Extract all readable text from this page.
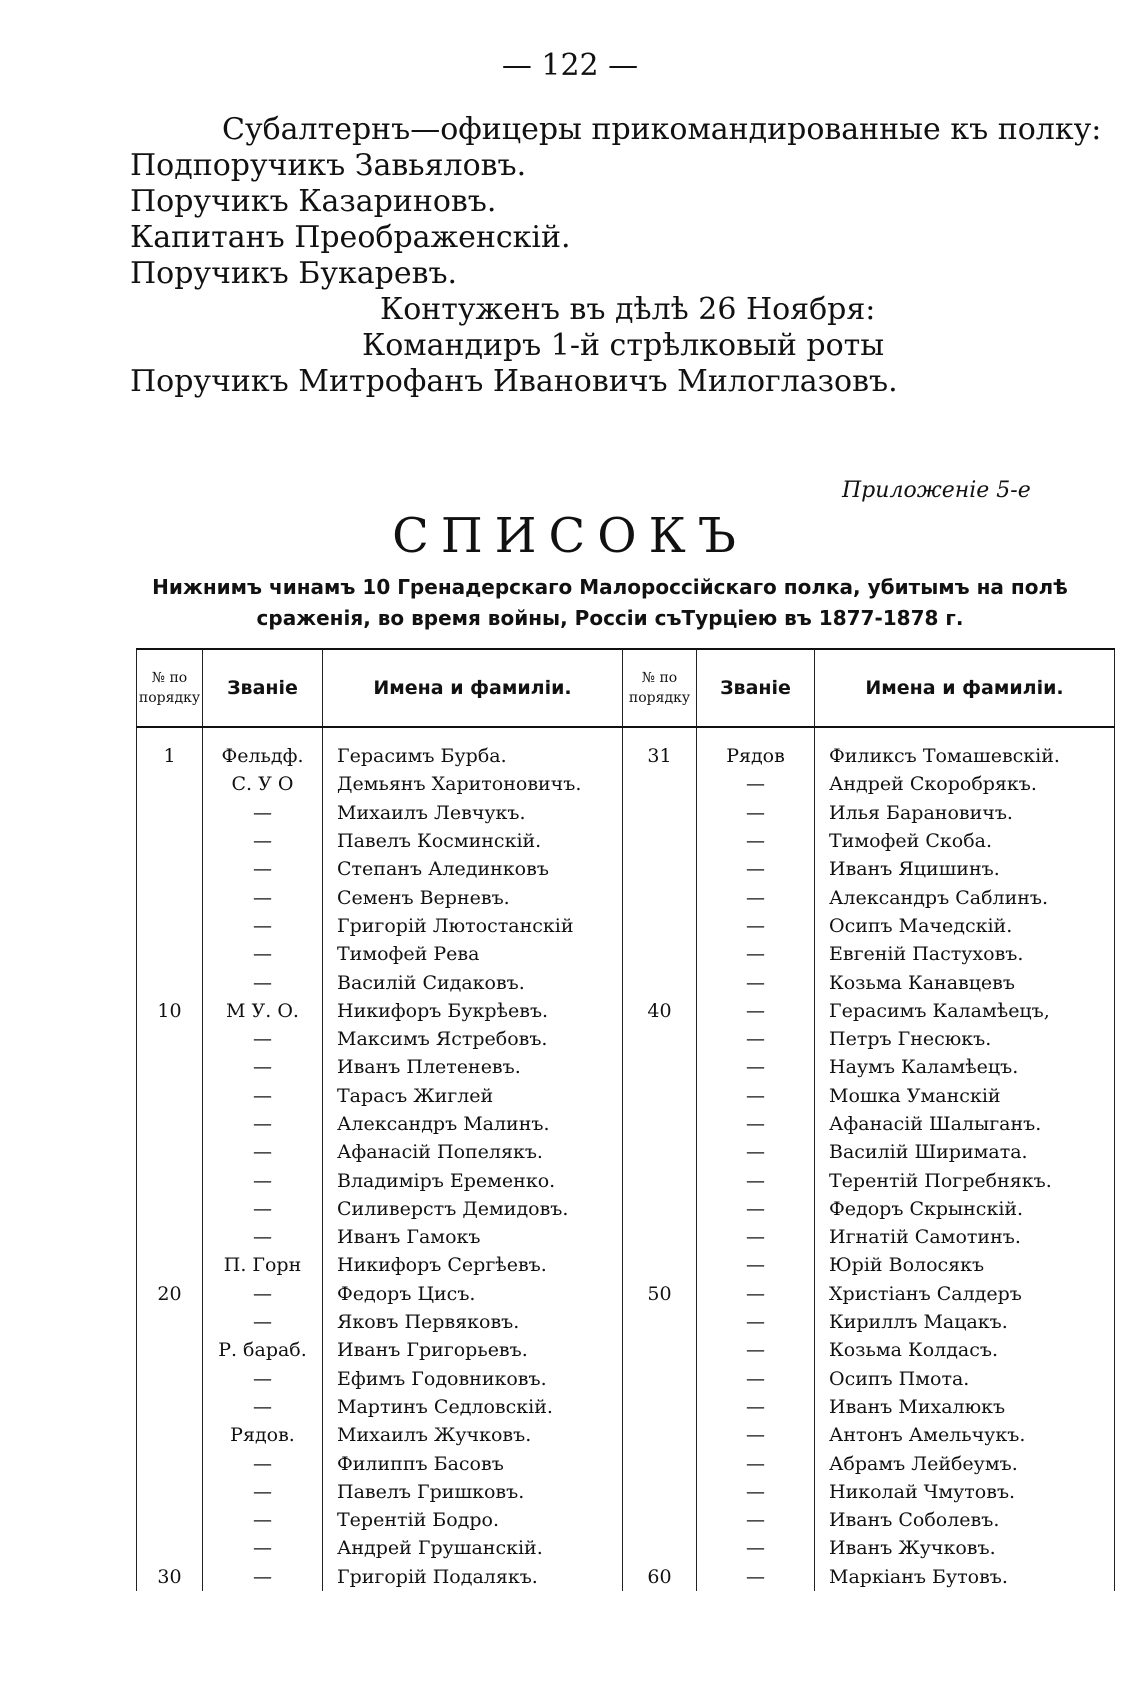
— 122 —
Субалтернъ—офицеры прикомандированные къ полку:
Подпоручикъ Завьяловъ.
Поручикъ Казариновъ.
Капитанъ Преображенскій.
Поручикъ Букаревъ.
Контуженъ въ дѣлѣ 26 Ноября:
Командиръ 1-й стрѣлковый роты
Поручикъ Митрофанъ Ивановичъ Милоглазовъ.
Приложеніе 5-е
СПИСОКЪ
Нижнимъ чинамъ 10 Гренадерскаго Малороссійскаго полка, убитымъ на полѣ
сраженія, во время войны, Россіи съТурціею въ 1877-1878 г.
№ по порядку	Званіе	Имена и фамиліи.	№ по порядку	Званіе	Имена и фамиліи.
1	Фельдф.	Герасимъ Бурба.	31	Рядов	Филиксъ Томашевскій.
	С. У О	Демьянъ Харитоновичъ.		—	Андрей Скоробрякъ.
	—	Михаилъ Левчукъ.		—	Илья Барановичъ.
	—	Павелъ Косминскій.		—	Тимофей Скоба.
	—	Степанъ Алединковъ		—	Иванъ Яцишинъ.
	—	Семенъ Верневъ.		—	Александръ Саблинъ.
	—	Григорій Лютостанскій		—	Осипъ Мачедскій.
	—	Тимофей Рева		—	Евгеній Пастуховъ.
	—	Василій Сидаковъ.		—	Козьма Канавцевъ
10	М У. О.	Никифоръ Букрѣевъ.	40	—	Герасимъ Каламѣецъ,
	—	Максимъ Ястребовъ.		—	Петръ Гнесюкъ.
	—	Иванъ Плетеневъ.		—	Наумъ Каламѣецъ.
	—	Тарасъ Жиглей		—	Мошка Уманскій
	—	Александръ Малинъ.		—	Афанасій Шалыганъ.
	—	Афанасій Попелякъ.		—	Василій Ширимата.
	—	Владиміръ Еременко.		—	Терентій Погребнякъ.
	—	Силиверстъ Демидовъ.		—	Федоръ Скрынскій.
	—	Иванъ Гамокъ		—	Игнатій Самотинъ.
	П. Горн	Никифоръ Сергѣевъ.		—	Юрій Волосякъ
20	—	Федоръ Цисъ.	50	—	Христіанъ Салдеръ
	—	Яковъ Первяковъ.		—	Кириллъ Мацакъ.
	Р. бараб.	Иванъ Григорьевъ.		—	Козьма Колдасъ.
	—	Ефимъ Годовниковъ.		—	Осипъ Пмота.
	—	Мартинъ Седловскій.		—	Иванъ Михалюкъ
	Рядов.	Михаилъ Жучковъ.		—	Антонъ Амельчукъ.
	—	Филиппъ Басовъ		—	Абрамъ Лейбеумъ.
	—	Павелъ Гришковъ.		—	Николай Чмутовъ.
	—	Терентій Бодро.		—	Иванъ Соболевъ.
	—	Андрей Грушанскій.		—	Иванъ Жучковъ.
30	—	Григорій Подалякъ.	60	—	Маркіанъ Бутовъ.
